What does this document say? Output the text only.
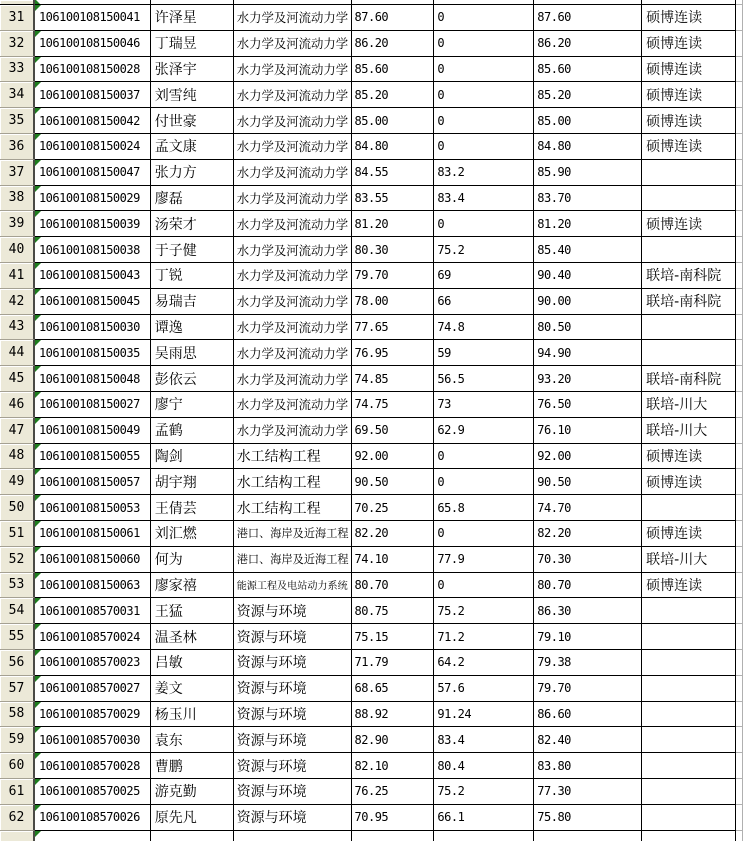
31 106100108150041 许泽星	水力学及河流动力学 87.60	0	87.60	硕博连读
32 106100108150046 丁瑞昱	水力学及河流动力学 86.20	0	86.20	硕博连读
33 106100108150028 张泽宇	水力学及河流动力学 85.60	0	85.60	硕博连读
34 106100108150037 刘雪纯	水力学及河流动力学 85.20	0	85.20	硕博连读
35 106100108150042 付世豪	水力学及河流动力学 85.00	0	85.00	硕博连读
36 106100108150024 孟文康	水力学及河流动力学 84.80	0	84.80	硕博连读
37 106100108150047 张力方	水力学及河流动力学 84.55	83.2	85.90
38 106100108150029 廖磊	水力学及河流动力学 83.55	83.4	83.70
39 106100108150039 汤荣才	水力学及河流动力学 81.20	0	81.20	硕博连读
40 106100108150038 于子健	水力学及河流动力学 80.30	75.2	85.40
41 106100108150043 丁锐	水力学及河流动力学 79.70	69	90.40	联培-南科院
42 106100108150045 易瑞吉	水力学及河流动力学 78.00	66	90.00	联培-南科院
43 106100108150030 谭逸	水力学及河流动力学 77.65	74.8	80.50
44 106100108150035 吴雨思	水力学及河流动力学 76.95	59	94.90
45 106100108150048 彭依云	水力学及河流动力学 74.85	56.5	93.20	联培-南科院
46 106100108150027 廖宁	水力学及河流动力学 74.75	73	76.50	联培-川大
47 106100108150049 孟鹤	水力学及河流动力学 69.50	62.9	76.10	联培-川大
48 106100108150055 陶剑	水工结构工程	92.00	0	92.00	硕博连读
49 106100108150057 胡宇翔	水工结构工程	90.50	0	90.50	硕博连读
50 106100108150053 王倩芸	水工结构工程	70.25	65.8	74.70
51 106100108150061 刘汇燃	港口、海岸及近海工程 82.20	0	82.20	硕博连读
52 106100108150060 何为	港口、海岸及近海工程 74.10	77.9	70.30	联培-川大
53 106100108150063 廖家禧	能源工程及电站动力系统 80.70	0	80.70	硕博连读
54 106100108570031 王猛	资源与环境	80.75	75.2	86.30
55 106100108570024 温圣林	资源与环境	75.15	71.2	79.10
56 106100108570023 吕敏	资源与环境	71.79	64.2	79.38
57 106100108570027 姜文	资源与环境	68.65	57.6	79.70
58 106100108570029 杨玉川	资源与环境	88.92	91.24	86.60
59 106100108570030 袁东	资源与环境	82.90	83.4	82.40
60 106100108570028 曹鹏	资源与环境	82.10	80.4	83.80
61 106100108570025 游克勤	资源与环境	76.25	75.2	77.30
62 106100108570026 原先凡	资源与环境	70.95	66.1	75.80
